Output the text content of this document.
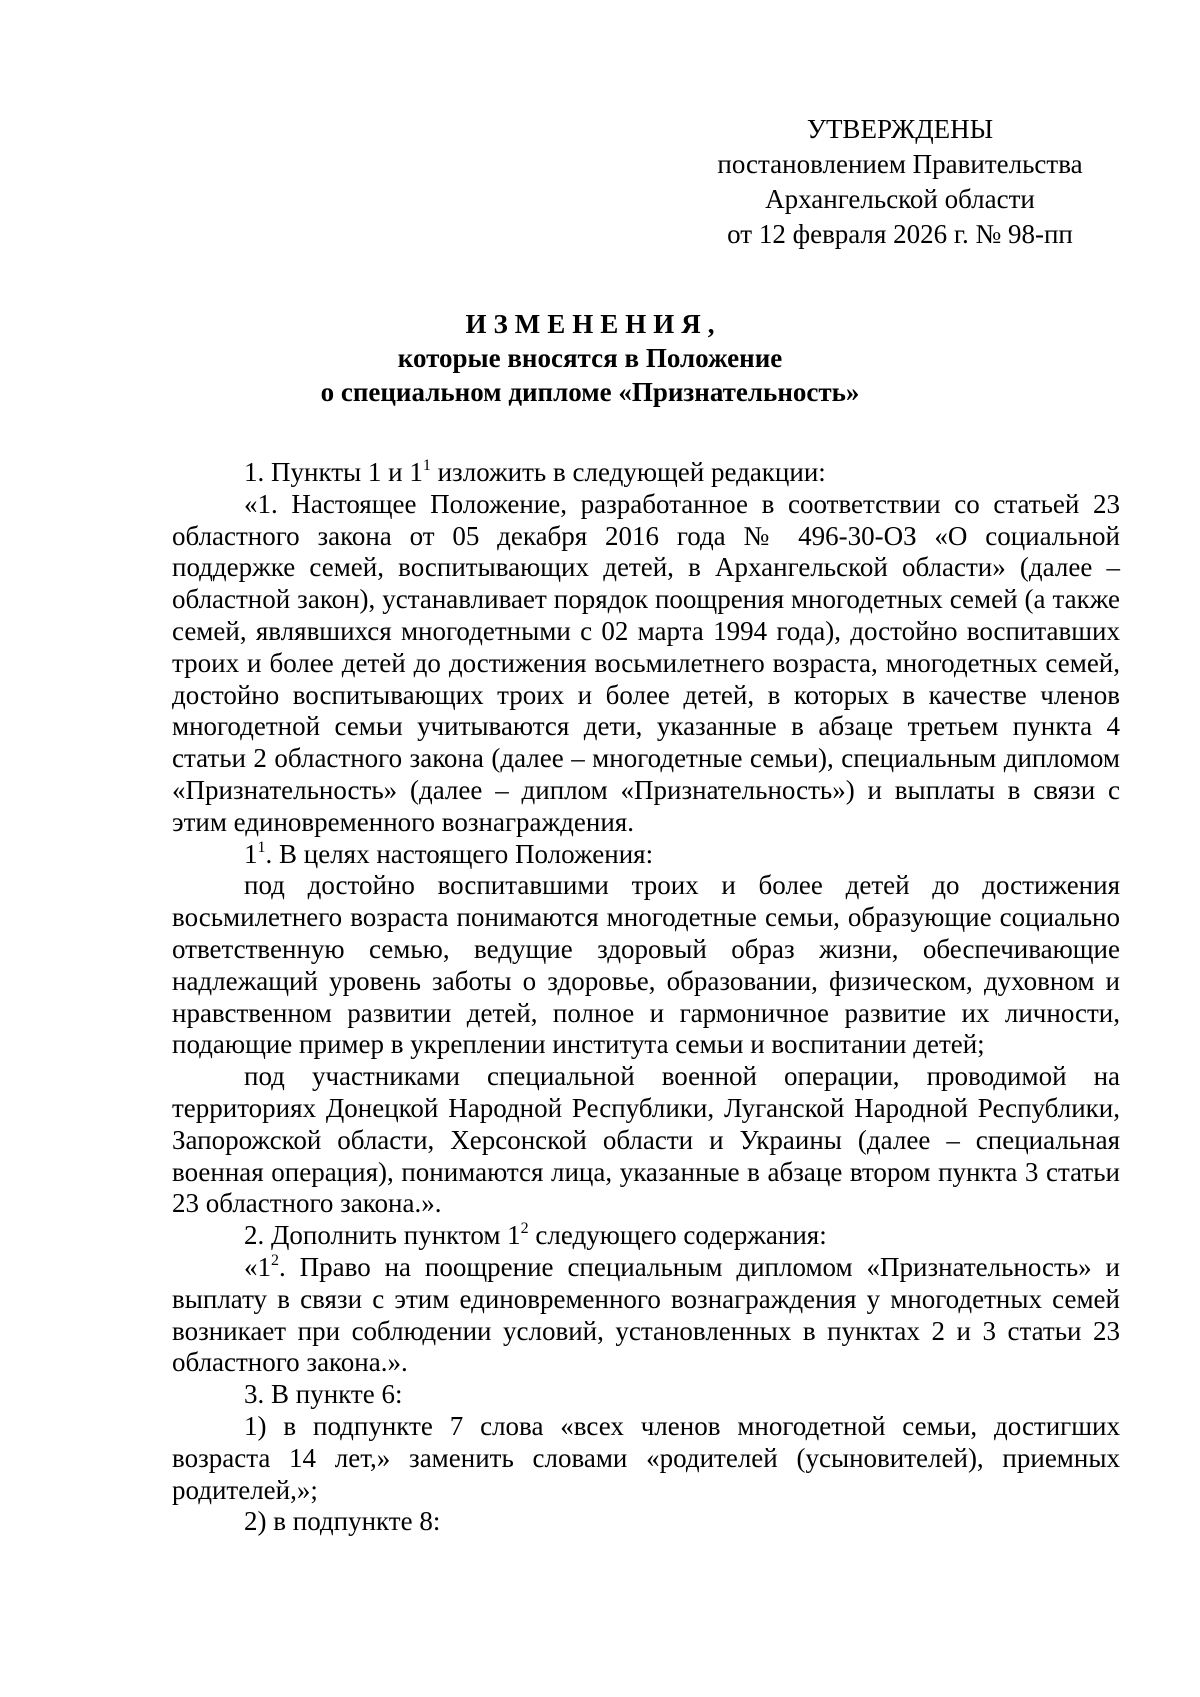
УТВЕРЖДЕНЫ
постановлением Правительства
Архангельской области
от 12 февраля 2026 г. № 98-пп
ИЗМЕНЕНИЯ,
которые вносятся в Положение
о специальном дипломе «Признательность»

1. Пункты 1 и $1^1$ изложить в следующей редакции:

«1. Настоящее Положение, разработанное в соответствии со статьей 23 областного закона от 05 декабря 2016 года № 496-30-ОЗ «О социальной поддержке семей, воспитывающих детей, в Архангельской области» (далее – областной закон), устанавливает порядок поощрения многодетных семей (а также семей, являвшихся многодетными с 02 марта 1994 года), достойно воспитавших троих и более детей до достижения восьмилетнего возраста, многодетных семей, достойно воспитывающих троих и более детей, в которых в качестве членов многодетной семьи учитываются дети, указанные в абзаце третьем пункта 4 статьи 2 областного закона (далее – многодетные семьи), специальным дипломом «Признательность» (далее – диплом «Признательность») и выплаты в связи с этим единовременного вознаграждения.

$1^1$. В целях настоящего Положения:

под достойно воспитавшими троих и более детей до достижения восьмилетнего возраста понимаются многодетные семьи, образующие социально ответственную семью, ведущие здоровый образ жизни, обеспечивающие надлежащий уровень заботы о здоровье, образовании, физическом, духовном и нравственном развитии детей, полное и гармоничное развитие их личности, подающие пример в укреплении института семьи и воспитании детей;

под участниками специальной военной операции, проводимой на территориях Донецкой Народной Республики, Луганской Народной Республики, Запорожской области, Херсонской области и Украины (далее – специальная военная операция), понимаются лица, указанные в абзаце втором пункта 3 статьи 23 областного закона.».

2. Дополнить пунктом $1^2$ следующего содержания:

«$1^2$. Право на поощрение специальным дипломом «Признательность» и выплату в связи с этим единовременного вознаграждения у многодетных семей возникает при соблюдении условий, установленных в пунктах 2 и 3 статьи 23 областного закона.».

3. В пункте 6:

1) в подпункте 7 слова «всех членов многодетной семьи, достигших возраста 14 лет,» заменить словами «родителей (усыновителей), приемных родителей,»;

2) в подпункте 8:
